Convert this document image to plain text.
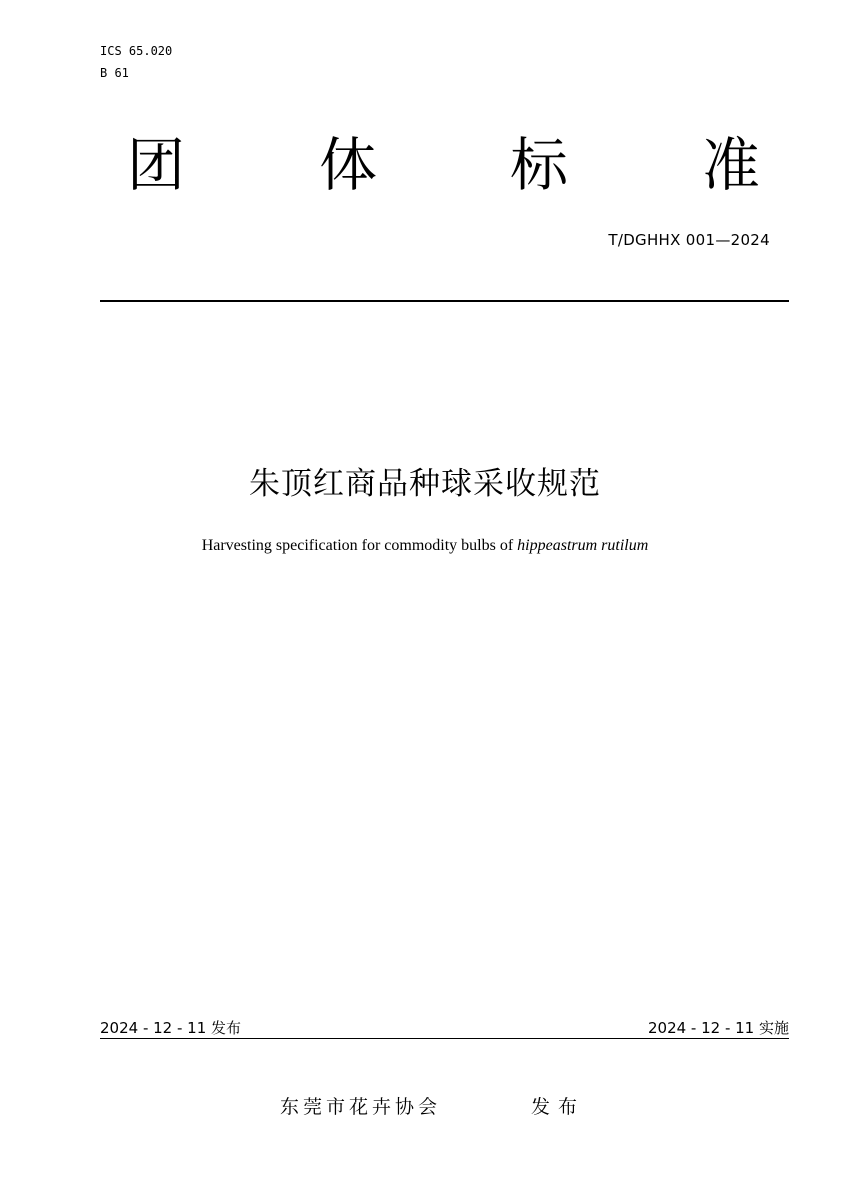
ICS 65.020
B 61
团 体 标 准
T/DGHHX 001—2024
朱顶红商品种球采收规范
Harvesting specification for commodity bulbs of hippeastrum rutilum
2024 - 12 - 11 发布	2024 - 12 - 11 实施
东莞市花卉协会	发布
